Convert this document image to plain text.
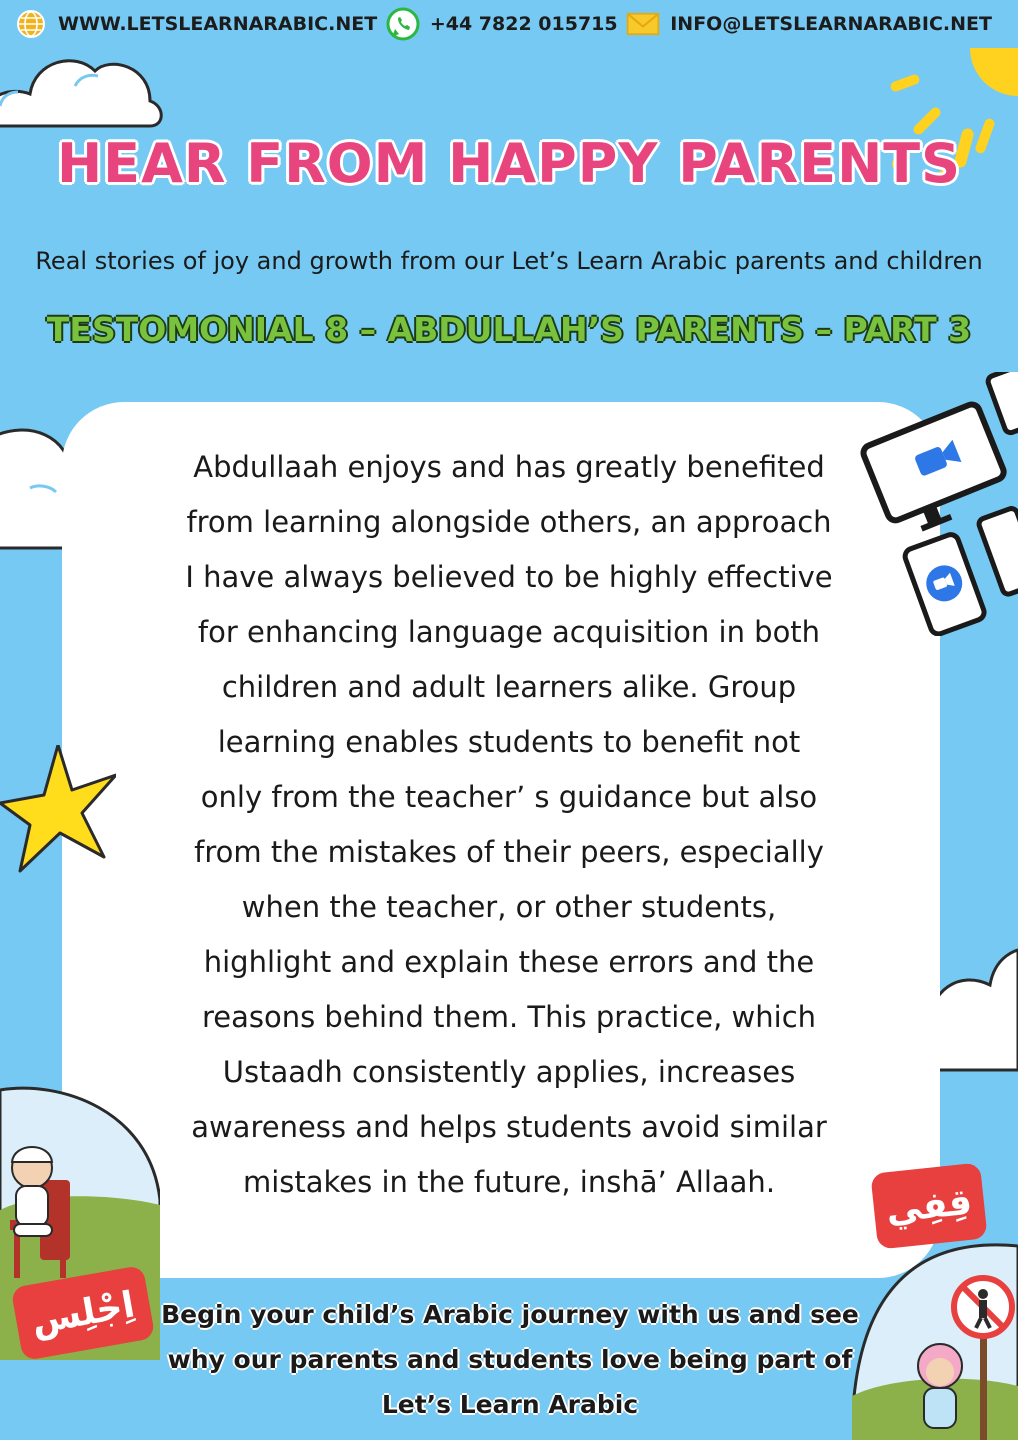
WWW.LETSLEARNARABIC.NET	+44 7822 015715	INFO@LETSLEARNARABIC.NET
HEAR FROM HAPPY PARENTS
Real stories of joy and growth from our Let’s Learn Arabic parents and children
TESTOMONIAL 8 – ABDULLAH’S PARENTS – PART 3
Abdullaah enjoys and has greatly benefited
from learning alongside others, an approach
I have always believed to be highly effective
for enhancing language acquisition in both
children and adult learners alike. Group
learning enables students to benefit not
only from the teacher’ s guidance but also
from the mistakes of their peers, especially
when the teacher, or other students,
highlight and explain these errors and the
reasons behind them. This practice, which
Ustaadh consistently applies, increases
awareness and helps students avoid similar
mistakes in the future, inshā’ Allaah.	قِفِي
اِجْلِس Begin your child’s Arabic journey with us and see
why our parents and students love being part of
Let’s Learn Arabic
